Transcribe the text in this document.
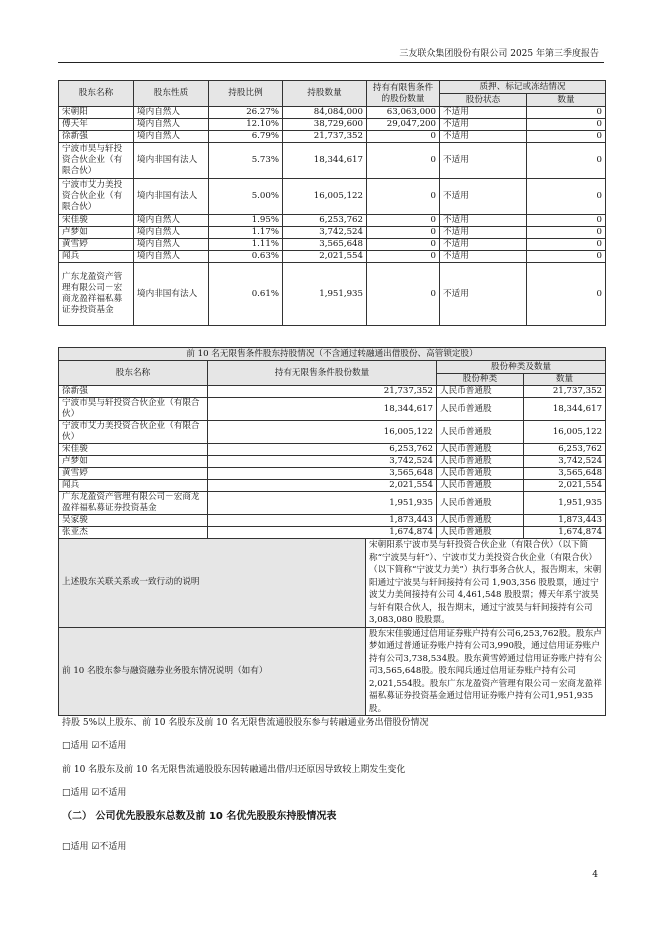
三友联众集团股份有限公司 2025 年第三季度报告
股东名称	股东性质	持股比例	持股数量	持有有限售条件的股份数量	质押、标记或冻结情况	
					股份状态	数量
宋朝阳	境内自然人	26.27%	84,084,000	63,063,000	不适用	0
傅天年	境内自然人	12.10%	38,729,600	29,047,200	不适用	0
徐新强	境内自然人	6.79%	21,737,352	0	不适用	0
宁波市昊与轩投资合伙企业（有限合伙）	境内非国有法人	5.73%	18,344,617	0	不适用	0
宁波市艾力美投资合伙企业（有限合伙）	境内非国有法人	5.00%	16,005,122	0	不适用	0
宋佳骏	境内自然人	1.95%	6,253,762	0	不适用	0
卢梦如	境内自然人	1.17%	3,742,524	0	不适用	0
黄雪婷	境内自然人	1.11%	3,565,648	0	不适用	0
闻兵	境内自然人	0.63%	2,021,554	0	不适用	0
广东龙盈资产管理有限公司－宏商龙盈祥福私募证券投资基金	境内非国有法人	0.61%	1,951,935	0	不适用	0
前 10 名无限售条件股东持股情况（不含通过转融通出借股份、高管锁定股）				
股东名称	持有无限售条件股份数量		股份种类及数量	
			股份种类	数量
徐新强	21,737,352		人民币普通股	21,737,352
宁波市昊与轩投资合伙企业（有限合伙）	18,344,617		人民币普通股	18,344,617
宁波市艾力美投资合伙企业（有限合伙）	16,005,122		人民币普通股	16,005,122
宋佳骏	6,253,762		人民币普通股	6,253,762
卢梦如	3,742,524		人民币普通股	3,742,524
黄雪婷	3,565,648		人民币普通股	3,565,648
闻兵	2,021,554		人民币普通股	2,021,554
广东龙盈资产管理有限公司－宏商龙盈祥福私募证券投资基金	1,951,935		人民币普通股	1,951,935
吴家骏	1,873,443		人民币普通股	1,873,443
张亚杰	1,674,874		人民币普通股	1,674,874
上述股东关联关系或一致行动的说明		宋朝阳系宁波市昊与轩投资合伙企业（有限合伙）（以下简称“宁波昊与轩”）、宁波市艾力美投资合伙企业（有限合伙）（以下简称“宁波艾力美”）执行事务合伙人，报告期末，宋朝阳通过宁波昊与轩间接持有公司 1,903,356 股股票，通过宁波艾力美间接持有公司 4,461,548 股股票；傅天年系宁波昊与轩有限合伙人，报告期末，通过宁波昊与轩间接持有公司 3,083,080 股股票。		
前 10 名股东参与融资融券业务股东情况说明（如有）		股东宋佳骏通过信用证券账户持有公司6,253,762股。股东卢梦如通过普通证券账户持有公司3,990股，通过信用证券账户持有公司3,738,534股。股东黄雪婷通过信用证券账户持有公司3,565,648股。股东闻兵通过信用证券账户持有公司2,021,554股。股东广东龙盈资产管理有限公司－宏商龙盈祥福私募证券投资基金通过信用证券账户持有公司1,951,935股。		
持股 5%以上股东、前 10 名股东及前 10 名无限售流通股股东参与转融通业务出借股份情况
□适用 ☑不适用
前 10 名股东及前 10 名无限售流通股股东因转融通出借/归还原因导致较上期发生变化
□适用 ☑不适用
（二） 公司优先股股东总数及前 10 名优先股股东持股情况表
□适用 ☑不适用
4
